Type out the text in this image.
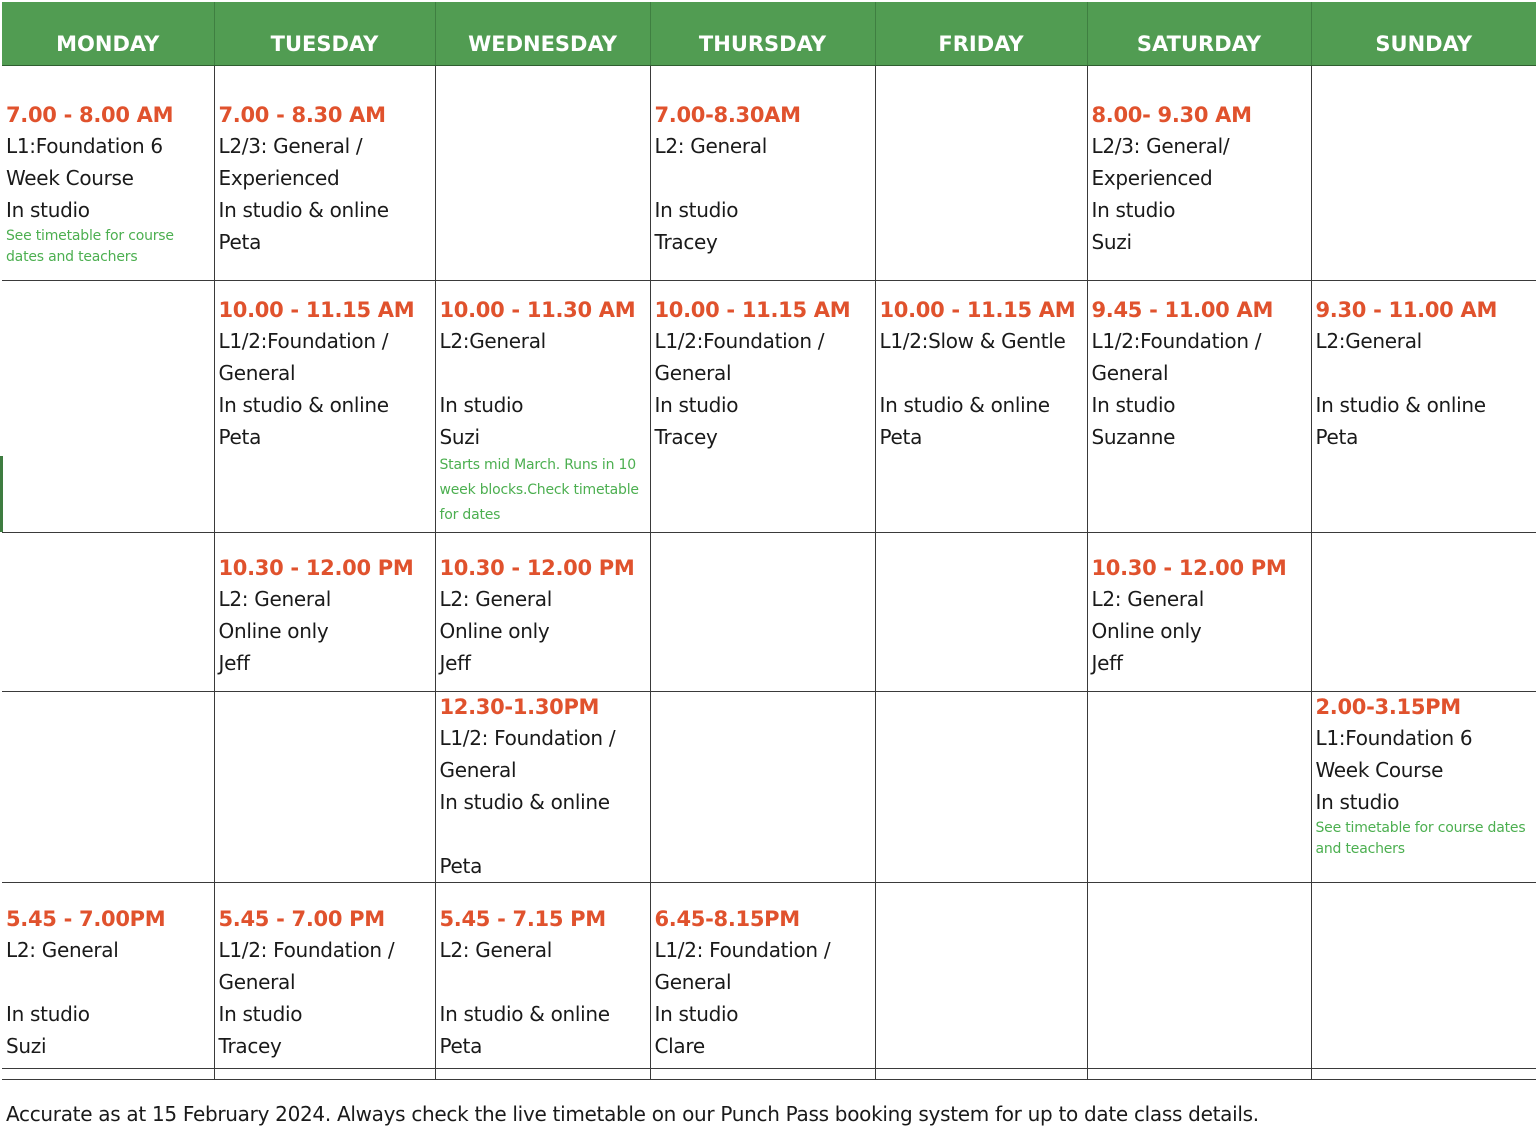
MONDAY	TUESDAY	WEDNESDAY	THURSDAY	FRIDAY	SATURDAY	SUNDAY

7.00 - 8.00 AM
L1:Foundation 6
Week Course
In studio
See timetable for course dates and teachers	7.00 - 8.30 AM
L2/3: General /
Experienced
In studio & online
Peta		7.00-8.30AM
L2: General

In studio
Tracey		8.00- 9.30 AM
L2/3: General/
Experienced
In studio
Suzi	

	10.00 - 11.15 AM
L1/2:Foundation /
General
In studio & online
Peta	10.00 - 11.30 AM
L2:General

In studio
Suzi
Starts mid March. Runs in 10 week blocks.Check timetable for dates	10.00 - 11.15 AM
L1/2:Foundation /
General
In studio
Tracey	10.00 - 11.15 AM
L1/2:Slow & Gentle

In studio & online
Peta	9.45 - 11.00 AM
L1/2:Foundation /
General
In studio
Suzanne	9.30 - 11.00 AM
L2:General

In studio & online
Peta

	10.30 - 12.00 PM
L2: General
Online only
Jeff	10.30 - 12.00 PM
L2: General
Online only
Jeff			10.30 - 12.00 PM
L2: General
Online only
Jeff	

		12.30-1.30PM
L1/2: Foundation /
General
In studio & online

Peta				2.00-3.15PM
L1:Foundation 6
Week Course
In studio
See timetable for course dates and teachers

5.45 - 7.00PM
L2: General

In studio
Suzi	5.45 - 7.00 PM
L1/2: Foundation /
General
In studio
Tracey	5.45 - 7.15 PM
L2: General

In studio & online
Peta	6.45-8.15PM
L1/2: Foundation /
General
In studio
Clare			

Accurate as at 15 February 2024. Always check the live timetable on our Punch Pass booking system for up to date class details.
